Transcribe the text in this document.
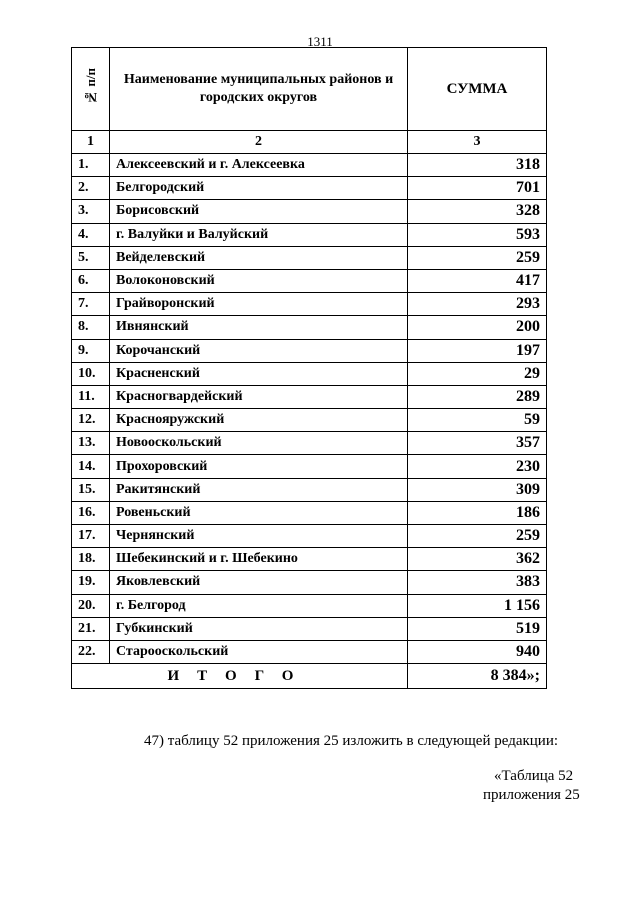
1311
№ п/п	Наименование муниципальных районов и городских округов	СУММА
1	2	3
1.	Алексеевский и г. Алексеевка	318
2.	Белгородский	701
3.	Борисовский	328
4.	г. Валуйки и Валуйский	593
5.	Вейделевский	259
6.	Волоконовский	417
7.	Грайворонский	293
8.	Ивнянский	200
9.	Корочанский	197
10.	Красненский	29
11.	Красногвардейский	289
12.	Краснояружский	59
13.	Новооскольский	357
14.	Прохоровский	230
15.	Ракитянский	309
16.	Ровеньский	186
17.	Чернянский	259
18.	Шебекинский и г. Шебекино	362
19.	Яковлевский	383
20.	г. Белгород	1 156
21.	Губкинский	519
22.	Старооскольский	940
ИТОГО		8 384»;
47) таблицу 52 приложения 25 изложить в следующей редакции:
«Таблица 52
приложения 25
